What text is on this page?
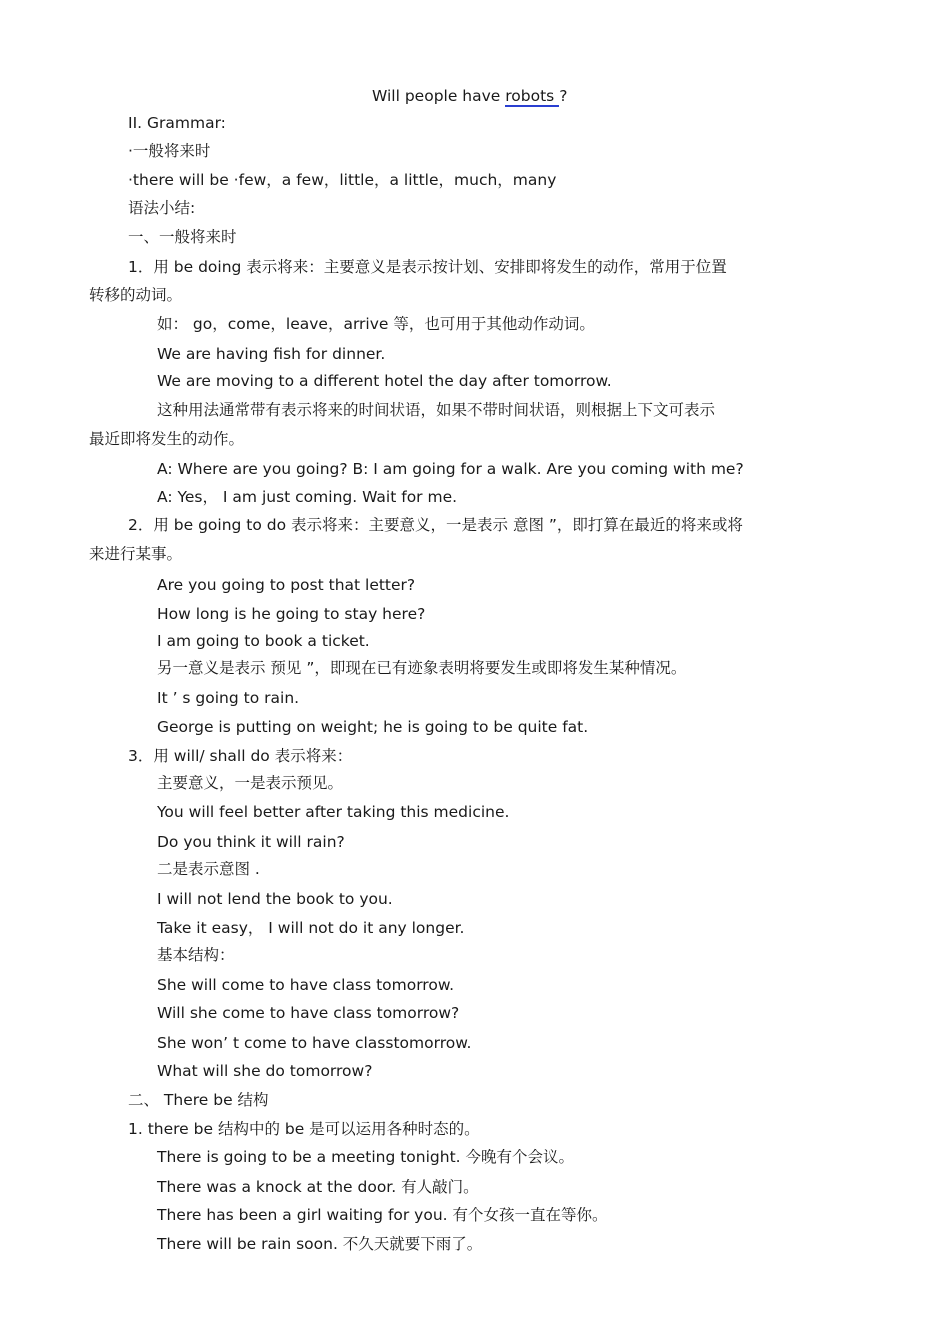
Will people have robots ?
II. Grammar:
·一般将来时
·there will be ·few，a few，little，a little，much，many
语法小结:
一、一般将来时
1．用 be doing 表示将来：主要意义是表示按计划、安排即将发生的动作，常用于位置
转移的动词。
如： go，come，leave，arrive 等，也可用于其他动作动词。
We are having fish for dinner.
We are moving to a different hotel the day after tomorrow.
这种用法通常带有表示将来的时间状语，如果不带时间状语，则根据上下文可表示
最近即将发生的动作。
A: Where are you going? B: I am going for a walk. Are you coming with me?
A: Yes， I am just coming. Wait for me.
2．用 be going to do 表示将来：主要意义，一是表示 意图 ”，即打算在最近的将来或将
来进行某事。
Are you going to post that letter?
How long is he going to stay here?
I am going to book a ticket.
另一意义是表示 预见 ”，即现在已有迹象表明将要发生或即将发生某种情况。
It ’ s going to rain.
George is putting on weight; he is going to be quite fat.
3．用 will/ shall do 表示将来：
主要意义，一是表示预见。
You will feel better after taking this medicine.
Do you think it will rain?
二是表示意图 .
I will not lend the book to you.
Take it easy， I will not do it any longer.
基本结构：
She will come to have class tomorrow.
Will she come to have class tomorrow?
She won’ t come to have classtomorrow.
What will she do tomorrow?
二、 There be 结构
1. there be 结构中的 be 是可以运用各种时态的。
There is going to be a meeting tonight. 今晚有个会议。
There was a knock at the door. 有人敲门。
There has been a girl waiting for you. 有个女孩一直在等你。
There will be rain soon. 不久天就要下雨了。
